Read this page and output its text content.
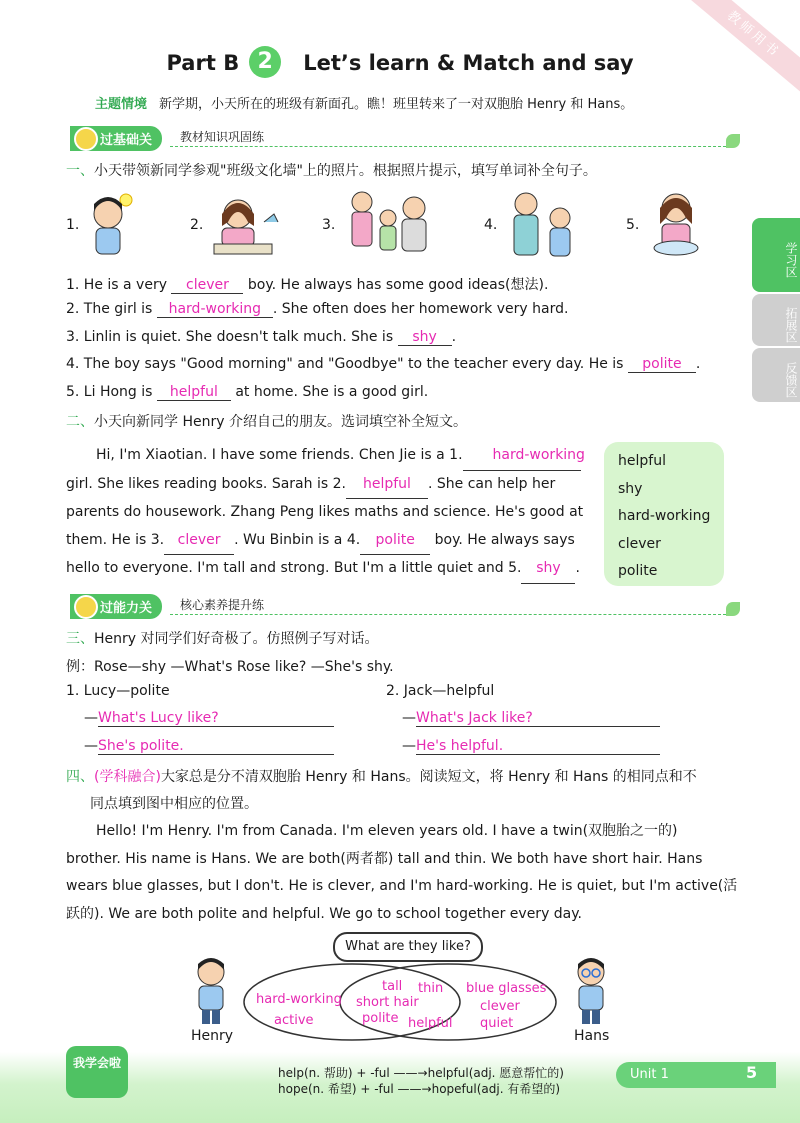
教师用书
Part B 2 Let’s learn & Match and say
主题情境 新学期，小天所在的班级有新面孔。瞧！班里转来了一对双胞胎 Henry 和 Hans。
过基础关	教材知识巩固练
一、小天带领新同学参观"班级文化墙"上的照片。根据照片提示，填写单词补全句子。
1.	2.	3.	4.	5.
1. He is a very clever boy. He always has some good ideas(想法).
2. The girl is hard-working . She often does her homework very hard.
3. Linlin is quiet. She doesn't talk much. She is shy .
4. The boy says "Good morning" and "Goodbye" to the teacher every day. He is polite .
5. Li Hong is helpful at home. She is a good girl.
二、小天向新同学 Henry 介绍自己的朋友。选词填空补全短文。
Hi, I'm Xiaotian. I have some friends. Chen Jie is a 1. hard-working
girl. She likes reading books. Sarah is 2. helpful . She can help her
parents do housework. Zhang Peng likes maths and science. He's good at
them. He is 3. clever . Wu Binbin is a 4. polite boy. He always says
hello to everyone. I'm tall and strong. But I'm a little quiet and 5. shy .
helpful
shy
hard-working
clever
polite
过能力关	核心素养提升练
三、Henry 对同学们好奇极了。仿照例子写对话。
例：Rose—shy —What's Rose like? —She's shy.
1. Lucy—polite	2. Jack—helpful
—What's Lucy like?
—She's polite.
—What's Jack like?
—He's helpful.
四、(学科融合)大家总是分不清双胞胎 Henry 和 Hans。阅读短文，将 Henry 和 Hans 的相同点和不
同点填到图中相应的位置。
Hello! I'm Henry. I'm from Canada. I'm eleven years old. I have a twin(双胞胎之一的)
brother. His name is Hans. We are both(两者都) tall and thin. We both have short hair. Hans
wears blue glasses, but I don't. He is clever, and I'm hard-working. He is quiet, but I'm active(活
跃的). We are both polite and helpful. We go to school together every day.
What are they like?
hard-working
active
tall thin
short hair
polite helpful
blue glasses
clever
quiet
Henry	Hans
学习区
拓展区
反馈区
我学会啦
help(n. 帮助) + -ful ——→helpful(adj. 愿意帮忙的)
hope(n. 希望) + -ful ——→hopeful(adj. 有希望的)
Unit 1	5
